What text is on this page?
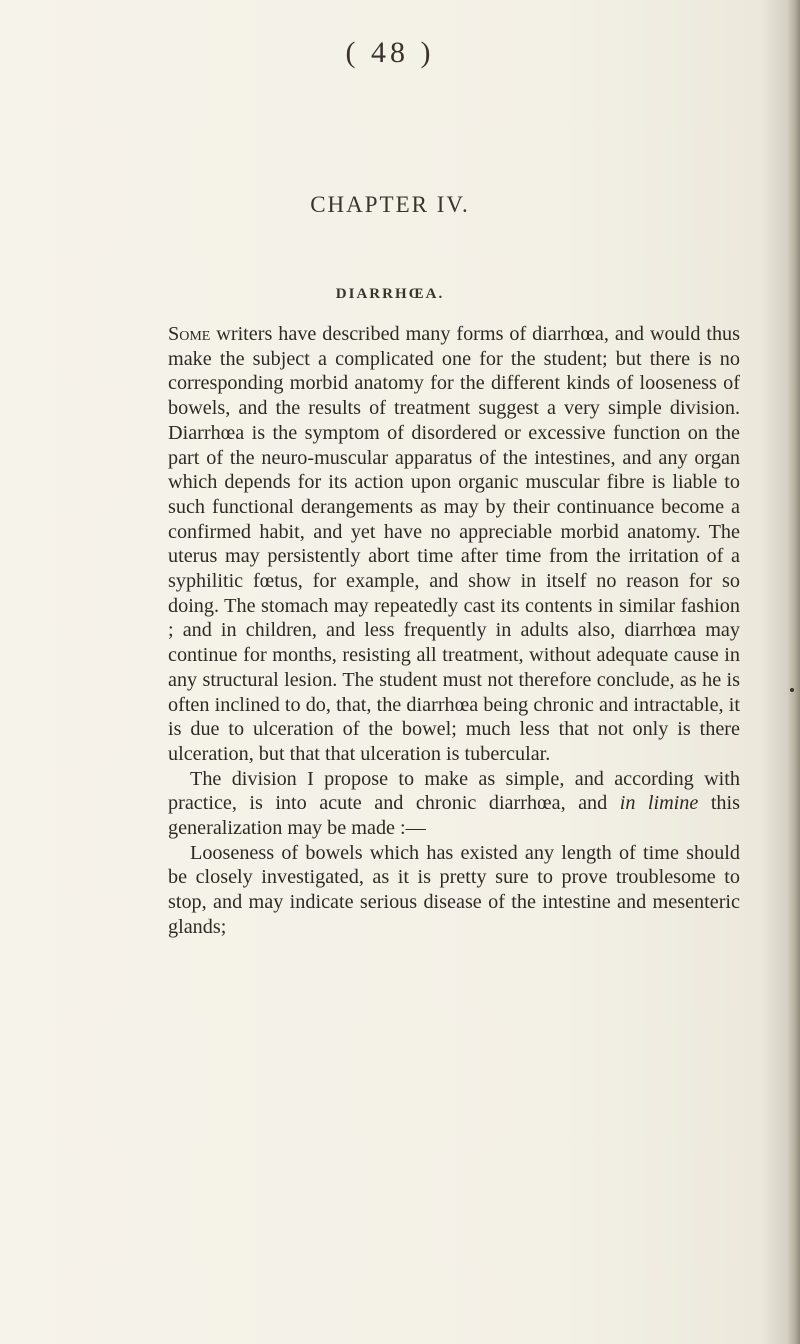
( 48 )
CHAPTER IV.
DIARRHŒA.

Some writers have described many forms of diarrhœa, and would thus make the subject a complicated one for the student; but there is no corresponding morbid anatomy for the different kinds of looseness of bowels, and the results of treatment suggest a very simple division. Diarrhœa is the symptom of disordered or excessive function on the part of the neuro-muscular apparatus of the intestines, and any organ which depends for its action upon organic muscular fibre is liable to such functional derangements as may by their continuance become a confirmed habit, and yet have no appreciable morbid anatomy. The uterus may persistently abort time after time from the irritation of a syphilitic fœtus, for example, and show in itself no reason for so doing. The stomach may repeatedly cast its contents in similar fashion ; and in children, and less frequently in adults also, diarrhœa may continue for months, resisting all treatment, without adequate cause in any structural lesion. The student must not therefore conclude, as he is often inclined to do, that, the diarrhœa being chronic and intractable, it is due to ulceration of the bowel; much less that not only is there ulceration, but that that ulceration is tubercular.

The division I propose to make as simple, and according with practice, is into acute and chronic diarrhœa, and in limine this generalization may be made :—

Looseness of bowels which has existed any length of time should be closely investigated, as it is pretty sure to prove troublesome to stop, and may indicate serious disease of the intestine and mesenteric glands;
